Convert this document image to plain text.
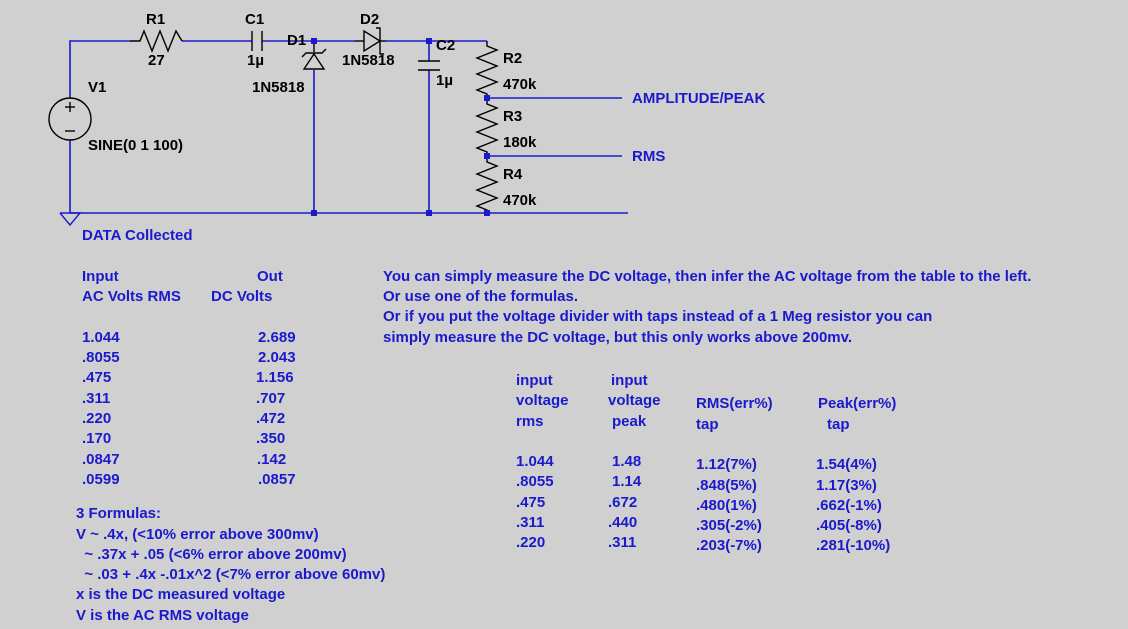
V1
SINE(0 1 100)
R1
27
C1
1µ
D1
1N5818
D2
1N5818
C2
1µ
R2
470k
R3
180k
R4
470k
AMPLITUDE/PEAK
RMS
DATA Collected
Input
AC Volts RMS
Out
DC Volts
1.044	2.689
.8055	2.043
.475	1.156
.311	.707
.220	.472
.170	.350
.0847	.142
.0599	.0857
3 Formulas:
V ~ .4x, (<10% error above 300mv)
~ .37x + .05 (<6% error above 200mv)
~ .03 + .4x -.01x^2 (<7% error above 60mv)
x is the DC measured voltage
V is the AC RMS voltage
You can simply measure the DC voltage, then infer the AC voltage from the table to the left.
Or use one of the formulas.
Or if you put the voltage divider with taps instead of a 1 Meg resistor you can
simply measure the DC voltage, but this only works above 200mv.
input
voltage
rms
input
voltage
peak
RMS(err%)
tap
Peak(err%)
tap
1.044	1.48	1.12(7%)	1.54(4%)
.8055	1.14	.848(5%)	1.17(3%)
.475	.672	.480(1%)	.662(-1%)
.311	.440	.305(-2%)	.405(-8%)
.220	.311	.203(-7%)	.281(-10%)
